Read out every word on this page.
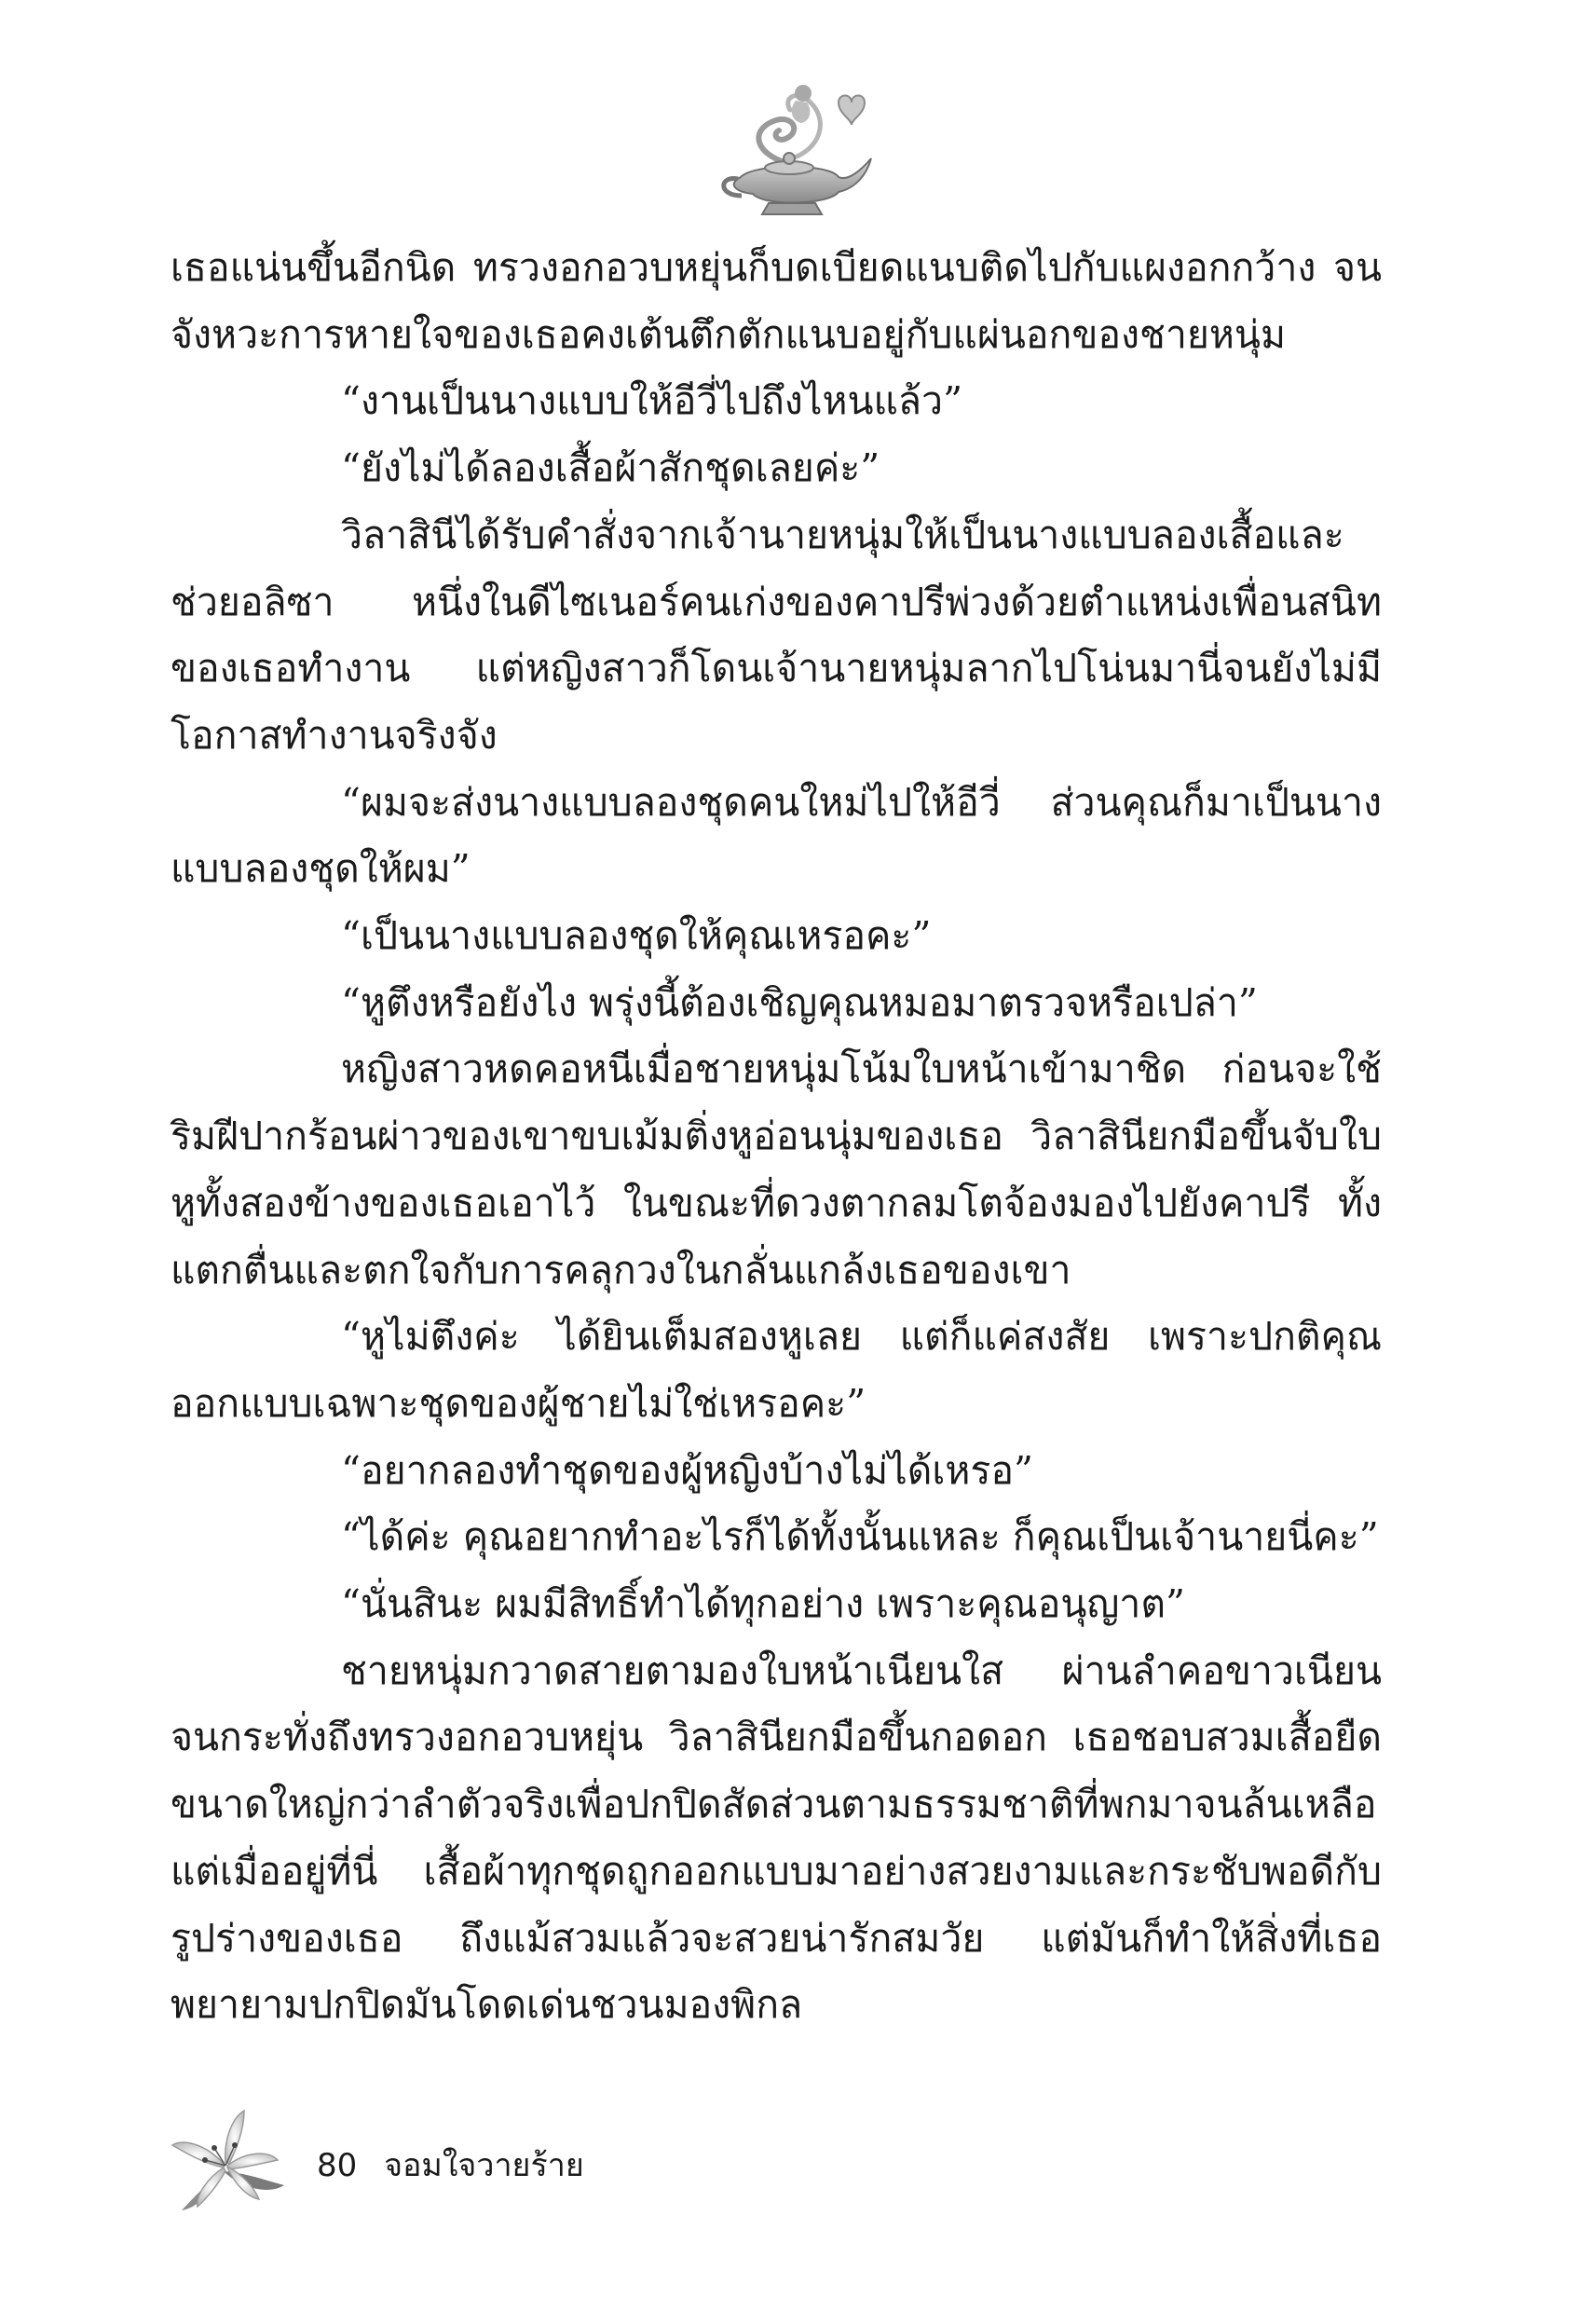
เธอแน่นขึ้นอีกนิด ทรวงอกอวบหยุ่นก็บดเบียดแนบติดไปกับแผงอกกว้าง จนจังหวะการหายใจของเธอคงเต้นตึกตักแนบอยู่กับแผ่นอกของชายหนุ่ม

“งานเป็นนางแบบให้อีวี่ไปถึงไหนแล้ว”

“ยังไม่ได้ลองเสื้อผ้าสักชุดเลยค่ะ”

วิลาสินีได้รับคำสั่งจากเจ้านายหนุ่มให้เป็นนางแบบลองเสื้อและช่วยอลิซา หนึ่งในดีไซเนอร์คนเก่งของคาปรีพ่วงด้วยตำแหน่งเพื่อนสนิทของเธอทำงาน แต่หญิงสาวก็โดนเจ้านายหนุ่มลากไปโน่นมานี่จนยังไม่มีโอกาสทำงานจริงจัง

“ผมจะส่งนางแบบลองชุดคนใหม่ไปให้อีวี่ ส่วนคุณก็มาเป็นนางแบบลองชุดให้ผม”

“เป็นนางแบบลองชุดให้คุณเหรอคะ”

“หูตึงหรือยังไง พรุ่งนี้ต้องเชิญคุณหมอมาตรวจหรือเปล่า”

หญิงสาวหดคอหนีเมื่อชายหนุ่มโน้มใบหน้าเข้ามาชิด ก่อนจะใช้ริมฝีปากร้อนผ่าวของเขาขบเม้มติ่งหูอ่อนนุ่มของเธอ วิลาสินียกมือขึ้นจับใบหูทั้งสองข้างของเธอเอาไว้ ในขณะที่ดวงตากลมโตจ้องมองไปยังคาปรี ทั้งแตกตื่นและตกใจกับการคลุกวงในกลั่นแกล้งเธอของเขา

“หูไม่ตึงค่ะ ได้ยินเต็มสองหูเลย แต่ก็แค่สงสัย เพราะปกติคุณออกแบบเฉพาะชุดของผู้ชายไม่ใช่เหรอคะ”

“อยากลองทำชุดของผู้หญิงบ้างไม่ได้เหรอ”

“ได้ค่ะ คุณอยากทำอะไรก็ได้ทั้งนั้นแหละ ก็คุณเป็นเจ้านายนี่คะ”

“นั่นสินะ ผมมีสิทธิ์ทำได้ทุกอย่าง เพราะคุณอนุญาต”

ชายหนุ่มกวาดสายตามองใบหน้าเนียนใส ผ่านลำคอขาวเนียนจนกระทั่งถึงทรวงอกอวบหยุ่น วิลาสินียกมือขึ้นกอดอก เธอชอบสวมเสื้อยืดขนาดใหญ่กว่าลำตัวจริงเพื่อปกปิดสัดส่วนตามธรรมชาติที่พกมาจนล้นเหลือ แต่เมื่ออยู่ที่นี่ เสื้อผ้าทุกชุดถูกออกแบบมาอย่างสวยงามและกระชับพอดีกับรูปร่างของเธอ ถึงแม้สวมแล้วจะสวยน่ารักสมวัย แต่มันก็ทำให้สิ่งที่เธอพยายามปกปิดมันโดดเด่นชวนมองพิกล

80 จอมใจวายร้าย
